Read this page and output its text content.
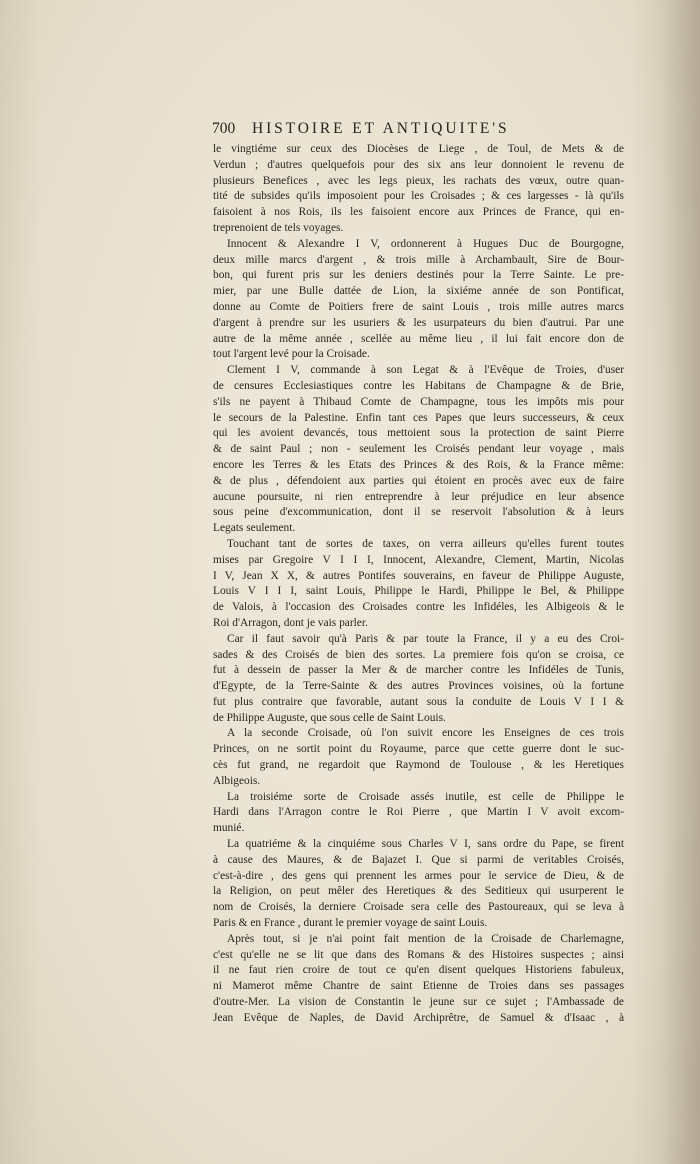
700 HISTOIRE ET ANTIQUITE'S
le vingtiéme sur ceux des Diocèses de Liege , de Toul, de Mets & de
Verdun ; d'autres quelquefois pour des six ans leur donnoient le revenu de
plusieurs Benefices , avec les legs pieux, les rachats des vœux, outre quan-
tité de subsides qu'ils imposoient pour les Croisades ; & ces largesses - là qu'ils
faisoient à nos Rois, ils les faisoient encore aux Princes de France, qui en-
treprenoient de tels voyages.
Innocent & Alexandre I V, ordonnerent à Hugues Duc de Bourgogne,
deux mille marcs d'argent , & trois mille à Archambault, Sire de Bour-
bon, qui furent pris sur les deniers destinés pour la Terre Sainte. Le pre-
mier, par une Bulle dattée de Lion, la sixiéme année de son Pontificat,
donne au Comte de Poitiers frere de saint Louis , trois mille autres marcs
d'argent à prendre sur les usuriers & les usurpateurs du bien d'autrui. Par une
autre de la même année , scellée au même lieu , il lui fait encore don de
tout l'argent levé pour la Croisade.
Clement I V, commande à son Legat & à l'Evêque de Troies, d'user
de censures Ecclesiastiques contre les Habitans de Champagne & de Brie,
s'ils ne payent à Thibaud Comte de Champagne, tous les impôts mis pour
le secours de la Palestine. Enfin tant ces Papes que leurs successeurs, & ceux
qui les avoient devancés, tous mettoient sous la protection de saint Pierre
& de saint Paul ; non - seulement les Croisés pendant leur voyage , mais
encore les Terres & les Etats des Princes & des Rois, & la France même:
& de plus , défendoient aux parties qui étoient en procès avec eux de faire
aucune poursuite, ni rien entreprendre à leur préjudice en leur absence
sous peine d'excommunication, dont il se reservoit l'absolution & à leurs
Legats seulement.
Touchant tant de sortes de taxes, on verra ailleurs qu'elles furent toutes
mises par Gregoire V I I I, Innocent, Alexandre, Clement, Martin, Nicolas
I V, Jean X X, & autres Pontifes souverains, en faveur de Philippe Auguste,
Louis V I I I, saint Louis, Philippe le Hardi, Philippe le Bel, & Philippe
de Valois, à l'occasion des Croisades contre les Infidéles, les Albigeois & le
Roi d'Arragon, dont je vais parler.
Car il faut savoir qu'à Paris & par toute la France, il y a eu des Croi-
sades & des Croisés de bien des sortes. La premiere fois qu'on se croisa, ce
fut à dessein de passer la Mer & de marcher contre les Infidéles de Tunis,
d'Egypte, de la Terre-Sainte & des autres Provinces voisines, où la fortune
fut plus contraire que favorable, autant sous la conduite de Louis V I I &
de Philippe Auguste, que sous celle de Saint Louis.
A la seconde Croisade, où l'on suivit encore les Enseignes de ces trois
Princes, on ne sortit point du Royaume, parce que cette guerre dont le suc-
cès fut grand, ne regardoit que Raymond de Toulouse , & les Heretiques
Albigeois.
La troisiéme sorte de Croisade assés inutile, est celle de Philippe le
Hardi dans l'Arragon contre le Roi Pierre , que Martin I V avoit excom-
munié.
La quatriéme & la cinquiéme sous Charles V I, sans ordre du Pape, se firent
à cause des Maures, & de Bajazet I. Que si parmi de veritables Croisés,
c'est-à-dire , des gens qui prennent les armes pour le service de Dieu, & de
la Religion, on peut mêler des Heretiques & des Seditieux qui usurperent le
nom de Croisés, la derniere Croisade sera celle des Pastoureaux, qui se leva à
Paris & en France , durant le premier voyage de saint Louis.
Après tout, si je n'ai point fait mention de la Croisade de Charlemagne,
c'est qu'elle ne se lit que dans des Romans & des Histoires suspectes ; ainsi
il ne faut rien croire de tout ce qu'en disent quelques Historiens fabuleux,
ni Mamerot même Chantre de saint Etienne de Troies dans ses passages
d'outre-Mer. La vision de Constantin le jeune sur ce sujet ; l'Ambassade de
Jean Evêque de Naples, de David Archiprêtre, de Samuel & d'Isaac , à
